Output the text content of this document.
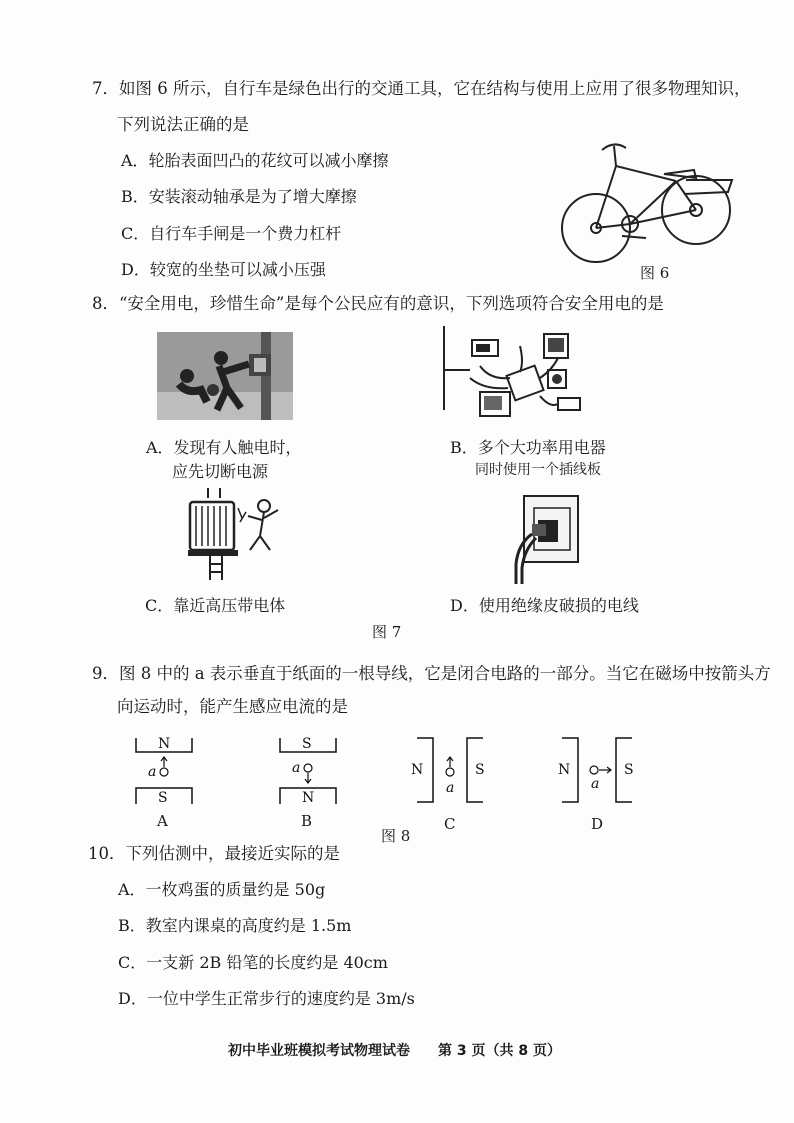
7．如图 6 所示，自行车是绿色出行的交通工具，它在结构与使用上应用了很多物理知识，
下列说法正确的是
A．轮胎表面凹凸的花纹可以减小摩擦
B．安装滚动轴承是为了增大摩擦
C．自行车手闸是一个费力杠杆
D．较宽的坐垫可以减小压强	图 6
8．“安全用电，珍惜生命”是每个公民应有的意识，下列选项符合安全用电的是
A．发现有人触电时，
应先切断电源
B．多个大功率用电器
同时使用一个插线板
C．靠近高压带电体	D．使用绝缘皮破损的电线
图 7
9．图 8 中的 a 表示垂直于纸面的一根导线，它是闭合电路的一部分。当它在磁场中按箭头方
向运动时，能产生感应电流的是
N
a
S
A
S
a
N
B
N	S
a
C
N	S
a
D
图 8
10．下列估测中，最接近实际的是
A．一枚鸡蛋的质量约是 50g
B．教室内课桌的高度约是 1.5m
C．一支新 2B 铅笔的长度约是 40cm
D．一位中学生正常步行的速度约是 3m/s
初中毕业班模拟考试物理试卷 第 3 页（共 8 页）
